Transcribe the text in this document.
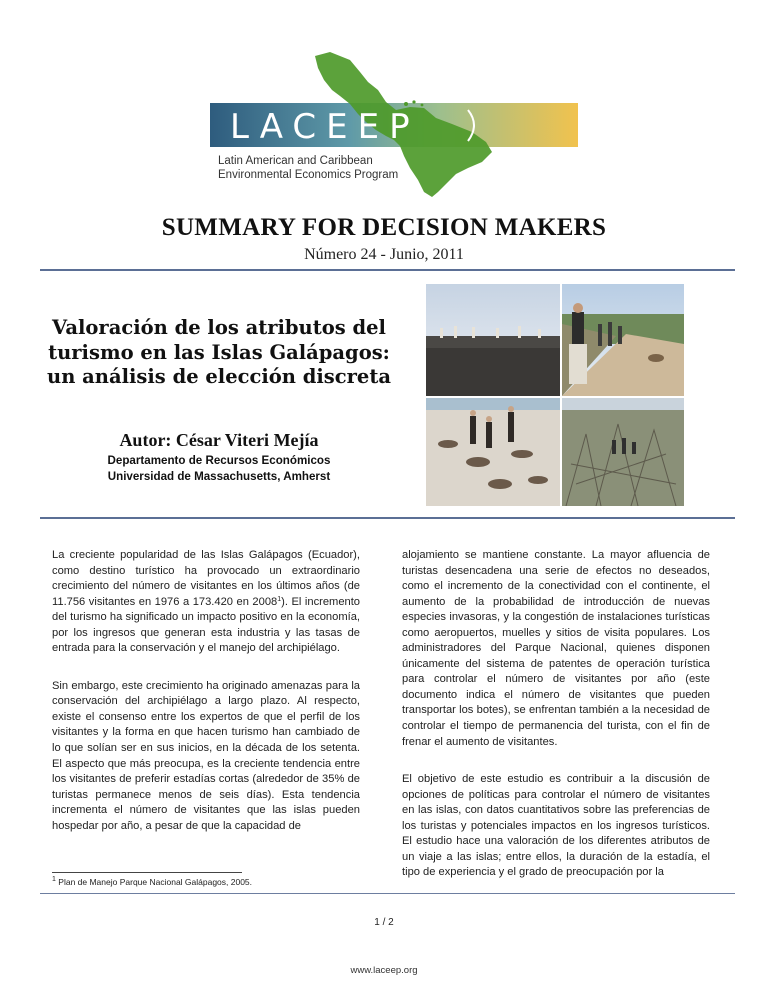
LACEEP
Latin American and Caribbean
Environmental Economics Program
SUMMARY FOR DECISION MAKERS
Número 24 - Junio, 2011
Valoración de los atributos del turismo en las Islas Galápagos: un análisis de elección discreta
Autor: César Viteri Mejía
Departamento de Recursos Económicos
Universidad de Massachusetts, Amherst

La creciente popularidad de las Islas Galápagos (Ecuador), como destino turístico ha provocado un extraordinario crecimiento del número de visitantes en los últimos años (de 11.756 visitantes en 1976 a 173.420 en 2008$^1$). El incremento del turismo ha significado un impacto positivo en la economía, por los ingresos que generan esta industria y las tasas de entrada para la conservación y el manejo del archipiélago.

Sin embargo, este crecimiento ha originado amenazas para la conservación del archipiélago a largo plazo. Al respecto, existe el consenso entre los expertos de que el perfil de los visitantes y la forma en que hacen turismo han cambiado de lo que solían ser en sus inicios, en la década de los setenta. El aspecto que más preocupa, es la creciente tendencia entre los visitantes de preferir estadías cortas (alrededor de 35% de turistas permanece menos de seis días). Esta tendencia incrementa el número de visitantes que las islas pueden hospedar por año, a pesar de que la capacidad de

alojamiento se mantiene constante. La mayor afluencia de turistas desencadena una serie de efectos no deseados, como el incremento de la conectividad con el continente, el aumento de la probabilidad de introducción de nuevas especies invasoras, y la congestión de instalaciones turísticas como aeropuertos, muelles y sitios de visita populares. Los administradores del Parque Nacional, quienes disponen únicamente del sistema de patentes de operación turística para controlar el número de visitantes por año (este documento indica el número de visitantes que pueden transportar los botes), se enfrentan también a la necesidad de controlar el tiempo de permanencia del turista, con el fin de frenar el aumento de visitantes.

El objetivo de este estudio es contribuir a la discusión de opciones de políticas para controlar el número de visitantes en las islas, con datos cuantitativos sobre las preferencias de los turistas y potenciales impactos en los ingresos turísticos. El estudio hace una valoración de los diferentes atributos de un viaje a las islas; entre ellos, la duración de la estadía, el tipo de experiencia y el grado de preocupación por la

$^1$ Plan de Manejo Parque Nacional Galápagos, 2005.
1 / 2
www.laceep.org
